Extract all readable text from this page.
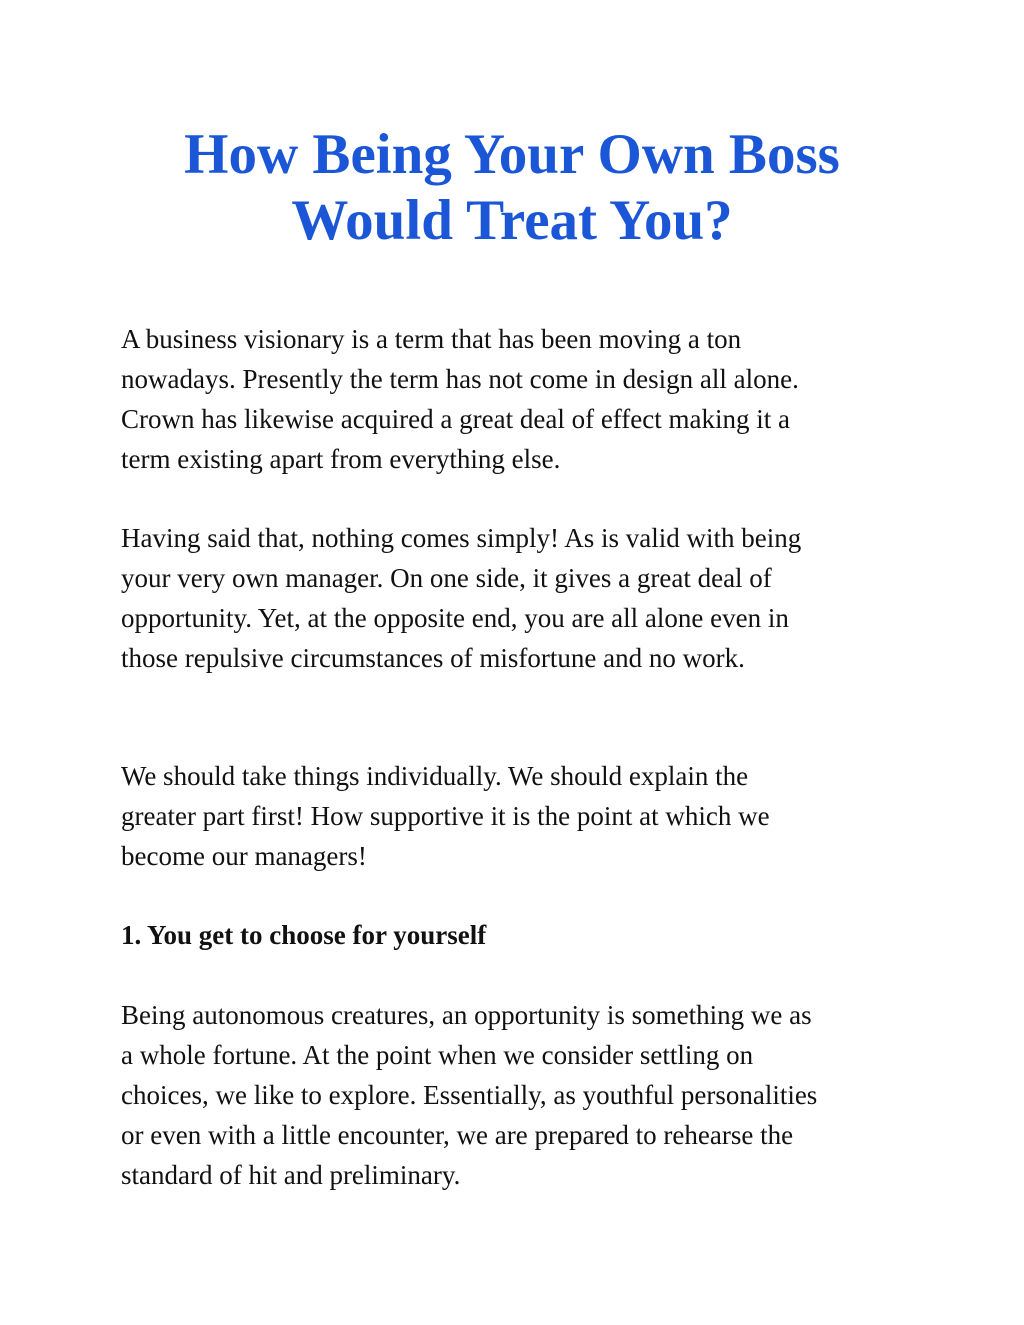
How Being Your Own Boss
Would Treat You?

A business visionary is a term that has been moving a ton
nowadays. Presently the term has not come in design all alone.
Crown has likewise acquired a great deal of effect making it a
term existing apart from everything else.

Having said that, nothing comes simply! As is valid with being
your very own manager. On one side, it gives a great deal of
opportunity. Yet, at the opposite end, you are all alone even in
those repulsive circumstances of misfortune and no work.

We should take things individually. We should explain the
greater part first! How supportive it is the point at which we
become our managers!

1. You get to choose for yourself

Being autonomous creatures, an opportunity is something we as
a whole fortune. At the point when we consider settling on
choices, we like to explore. Essentially, as youthful personalities
or even with a little encounter, we are prepared to rehearse the
standard of hit and preliminary.
